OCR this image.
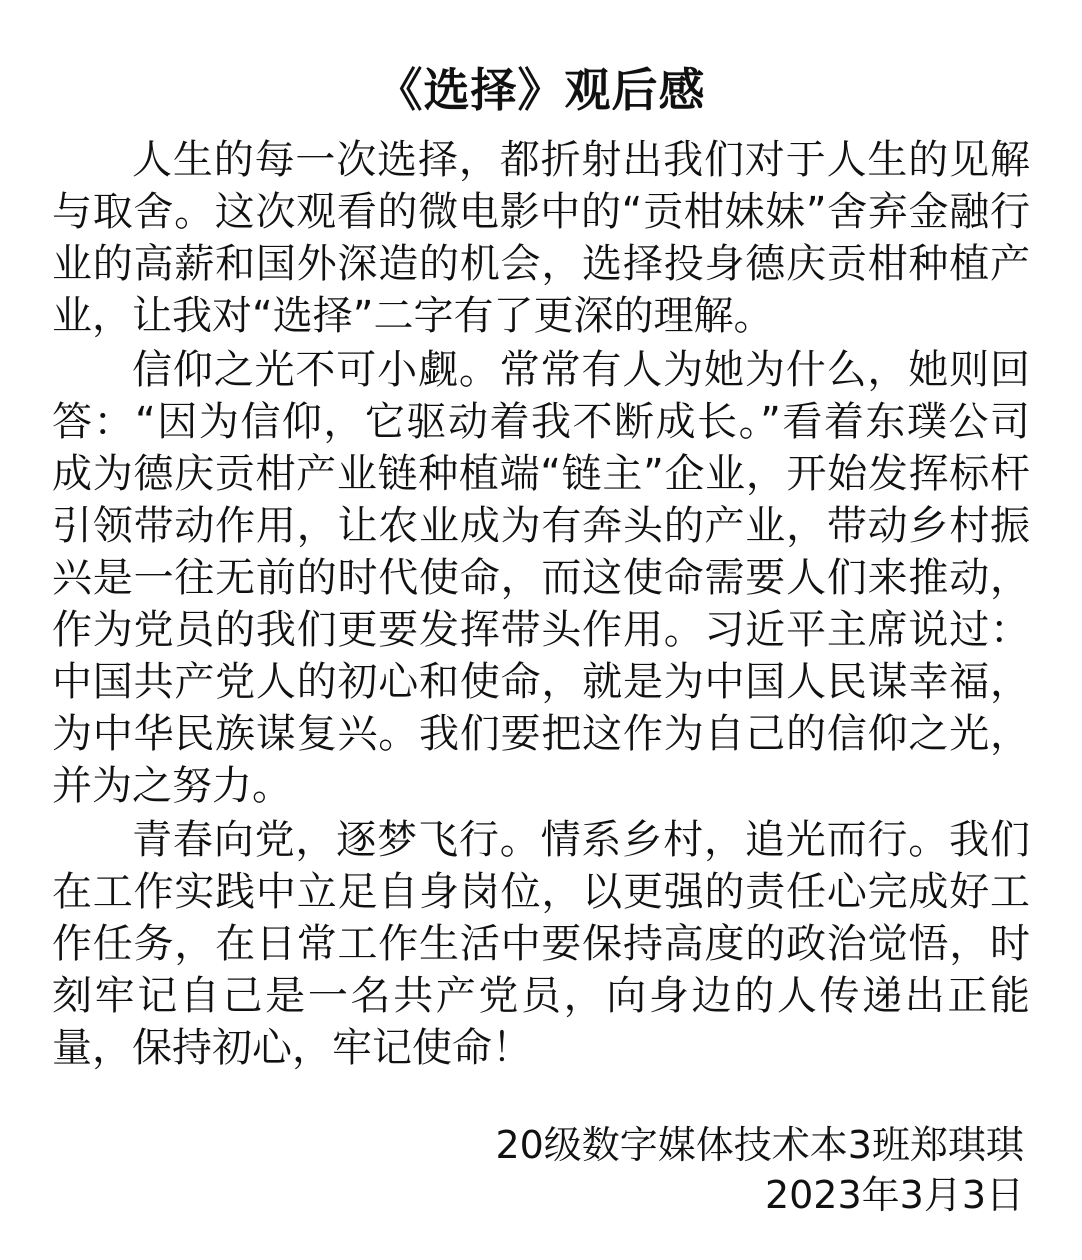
《选择》观后感

人生的每一次选择，都折射出我们对于人生的见解与取舍。这次观看的微电影中的“贡柑妹妹”舍弃金融行业的高薪和国外深造的机会，选择投身德庆贡柑种植产业，让我对“选择”二字有了更深的理解。

信仰之光不可小觑。常常有人为她为什么，她则回答：“因为信仰，它驱动着我不断成长。”看着东璞公司成为德庆贡柑产业链种植端“链主”企业，开始发挥标杆引领带动作用，让农业成为有奔头的产业，带动乡村振兴是一往无前的时代使命，而这使命需要人们来推动，作为党员的我们更要发挥带头作用。习近平主席说过：中国共产党人的初心和使命，就是为中国人民谋幸福，为中华民族谋复兴。我们要把这作为自己的信仰之光，并为之努力。

青春向党，逐梦飞行。情系乡村，追光而行。我们在工作实践中立足自身岗位，以更强的责任心完成好工作任务，在日常工作生活中要保持高度的政治觉悟，时刻牢记自己是一名共产党员，向身边的人传递出正能量，保持初心，牢记使命！

20级数字媒体技术本3班郑琪琪
2023年3月3日
